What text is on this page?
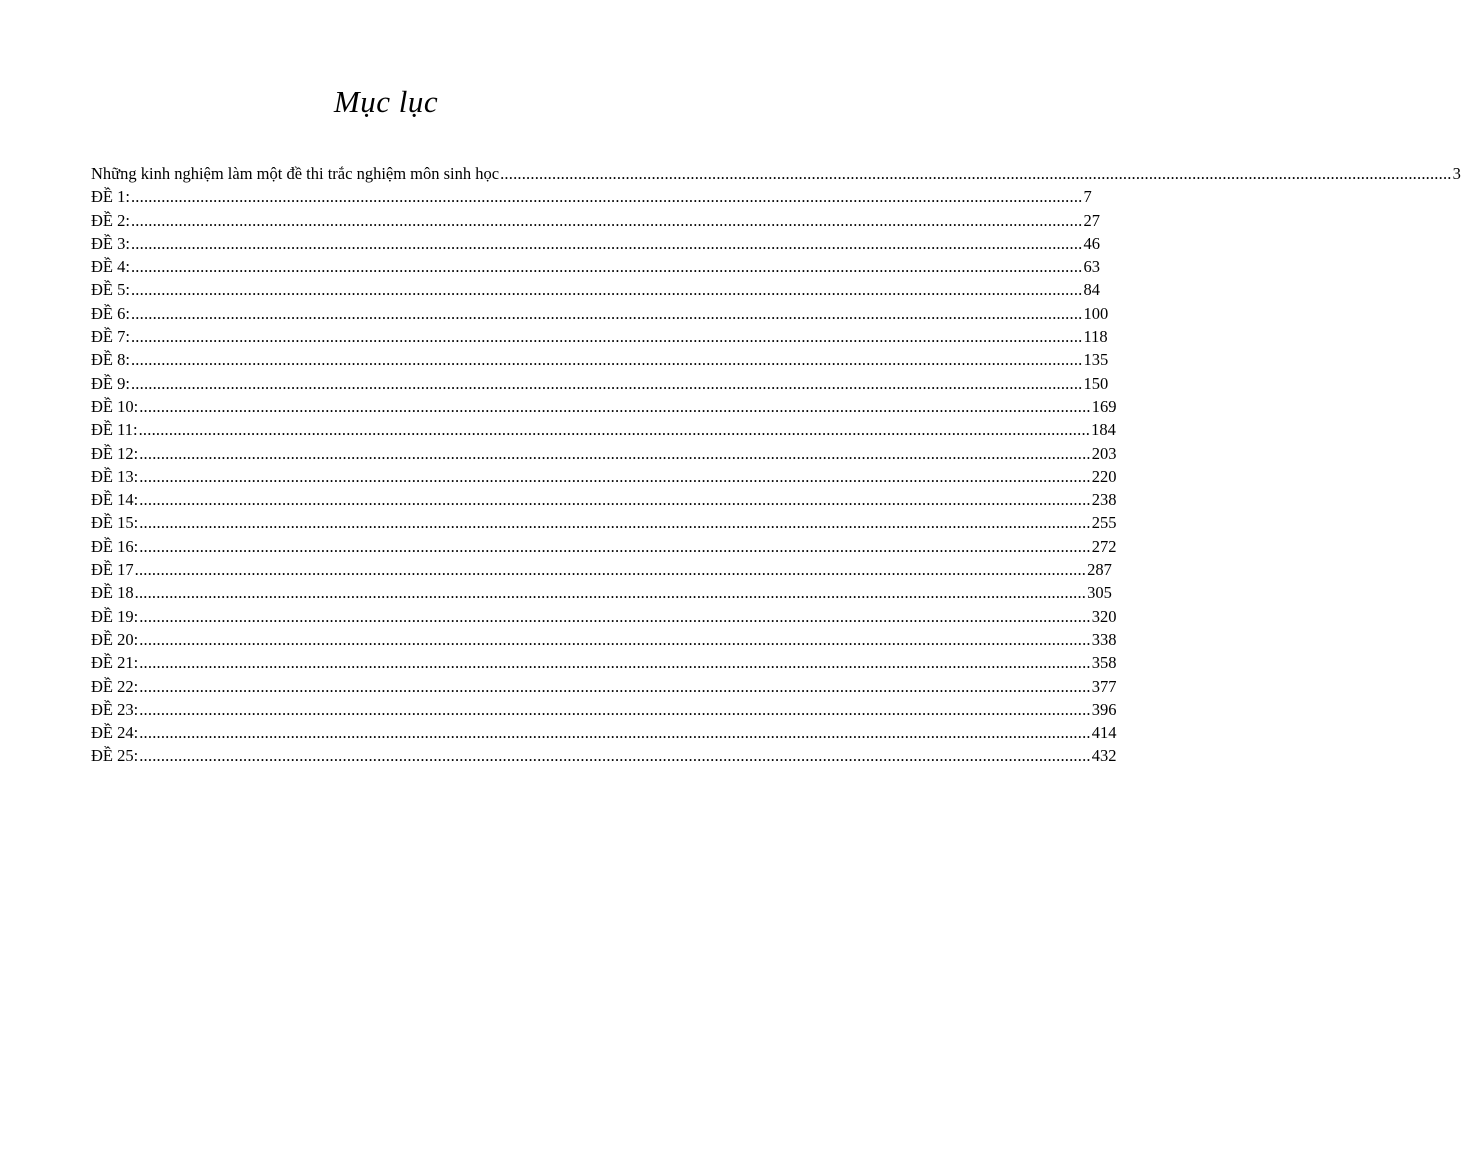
Mục lục
Những kinh nghiệm làm một đề thi trắc nghiệm môn sinh học ............................................................................................................................................................................................................................ 3
ĐỀ 1: ............................................................................................................................................................................................................................ 7
ĐỀ 2: ............................................................................................................................................................................................................................ 27
ĐỀ 3: ............................................................................................................................................................................................................................ 46
ĐỀ 4: ............................................................................................................................................................................................................................ 63
ĐỀ 5: ............................................................................................................................................................................................................................ 84
ĐỀ 6: ............................................................................................................................................................................................................................ 100
ĐỀ 7: ............................................................................................................................................................................................................................ 118
ĐỀ 8: ............................................................................................................................................................................................................................ 135
ĐỀ 9: ............................................................................................................................................................................................................................ 150
ĐỀ 10: ............................................................................................................................................................................................................................ 169
ĐỀ 11: ............................................................................................................................................................................................................................ 184
ĐỀ 12: ............................................................................................................................................................................................................................ 203
ĐỀ 13: ............................................................................................................................................................................................................................ 220
ĐỀ 14: ............................................................................................................................................................................................................................ 238
ĐỀ 15: ............................................................................................................................................................................................................................ 255
ĐỀ 16: ............................................................................................................................................................................................................................ 272
ĐỀ 17 ............................................................................................................................................................................................................................ 287
ĐỀ 18 ............................................................................................................................................................................................................................ 305
ĐỀ 19: ............................................................................................................................................................................................................................ 320
ĐỀ 20: ............................................................................................................................................................................................................................ 338
ĐỀ 21: ............................................................................................................................................................................................................................ 358
ĐỀ 22: ............................................................................................................................................................................................................................ 377
ĐỀ 23: ............................................................................................................................................................................................................................ 396
ĐỀ 24: ............................................................................................................................................................................................................................ 414
ĐỀ 25: ............................................................................................................................................................................................................................ 432
